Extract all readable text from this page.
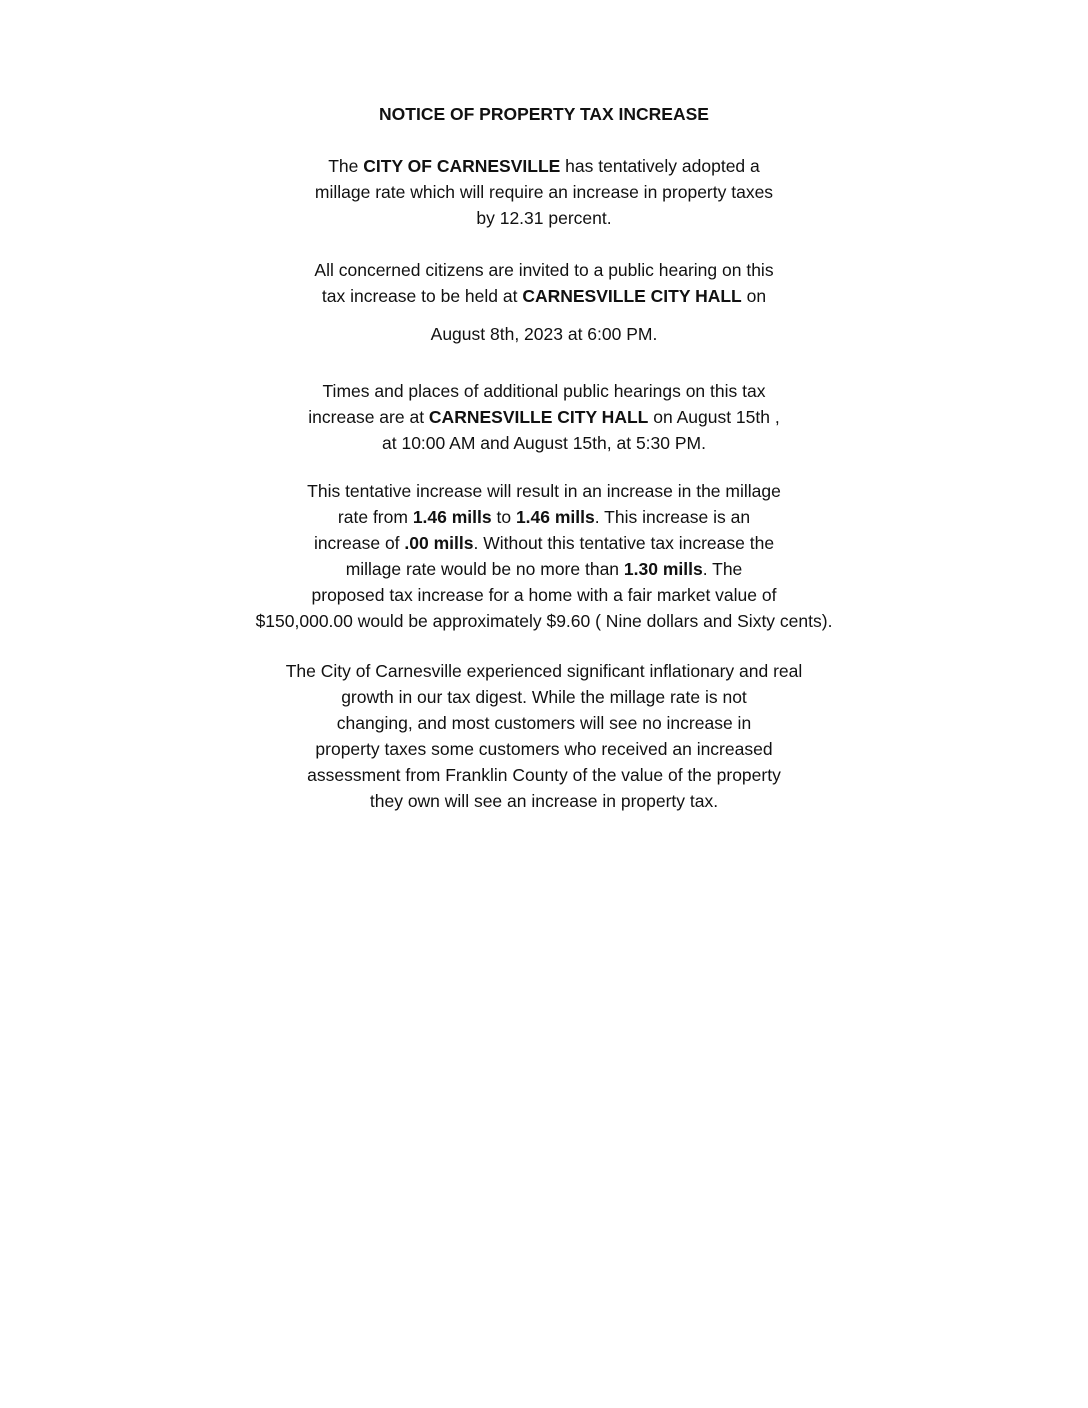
NOTICE OF PROPERTY TAX INCREASE
The CITY OF CARNESVILLE has tentatively adopted a
millage rate which will require an increase in property taxes
by 12.31 percent.
All concerned citizens are invited to a public hearing on this
tax increase to be held at CARNESVILLE CITY HALL on
August 8th, 2023 at 6:00 PM.
Times and places of additional public hearings on this tax
increase are at CARNESVILLE CITY HALL on August 15th ,
at 10:00 AM and August 15th, at 5:30 PM.
This tentative increase will result in an increase in the millage
rate from 1.46 mills to 1.46 mills. This increase is an
increase of .00 mills. Without this tentative tax increase the
millage rate would be no more than 1.30 mills. The
proposed tax increase for a home with a fair market value of
$150,000.00 would be approximately $9.60 ( Nine dollars and Sixty cents).
The City of Carnesville experienced significant inflationary and real
growth in our tax digest. While the millage rate is not
changing, and most customers will see no increase in
property taxes some customers who received an increased
assessment from Franklin County of the value of the property
they own will see an increase in property tax.
